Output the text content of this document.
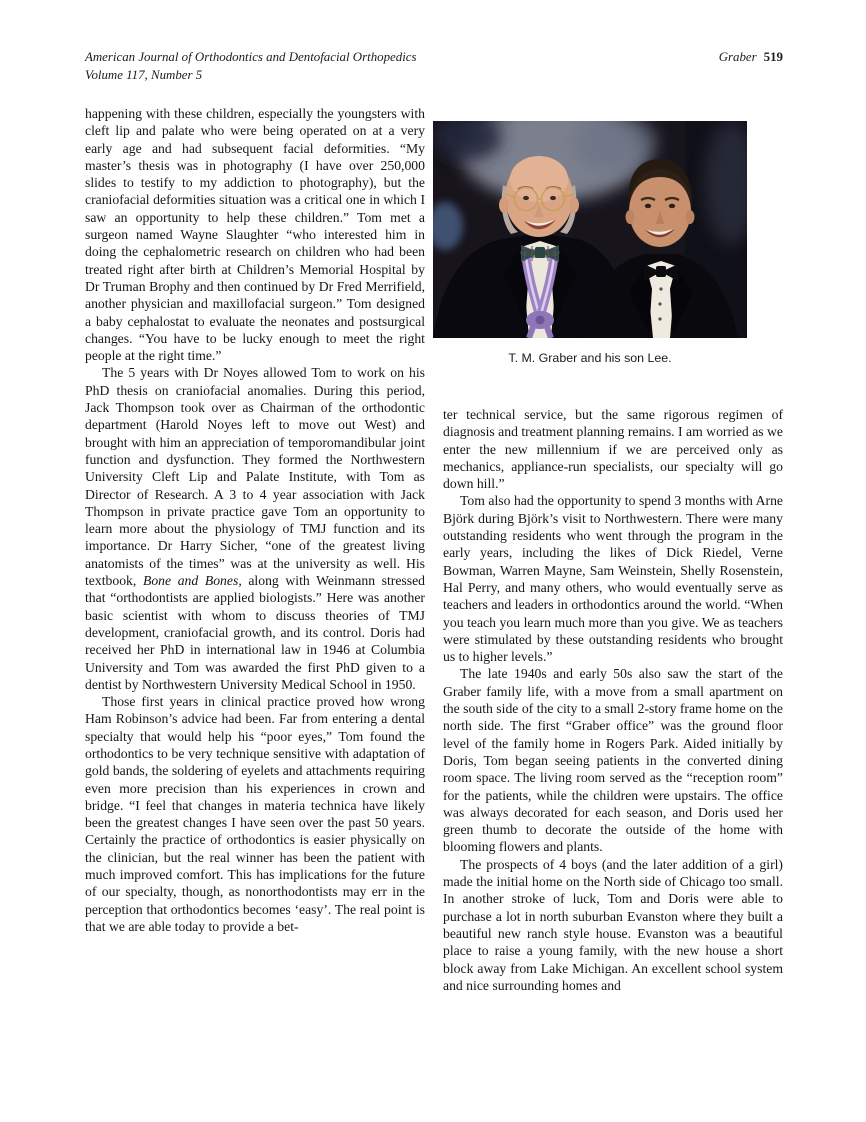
American Journal of Orthodontics and Dentofacial Orthopedics
Volume 117, Number 5
Graber 519
T. M. Graber and his son Lee.

happening with these children, especially the youngsters with cleft lip and palate who were being operated on at a very early age and had subsequent facial deformities. “My master’s thesis was in photography (I have over 250,000 slides to testify to my addiction to photography), but the craniofacial deformities situation was a critical one in which I saw an opportunity to help these children.” Tom met a surgeon named Wayne Slaughter “who interested him in doing the cephalometric research on children who had been treated right after birth at Children’s Memorial Hospital by Dr Truman Brophy and then continued by Dr Fred Merrifield, another physician and maxillofacial surgeon.” Tom designed a baby cephalostat to evaluate the neonates and postsurgical changes. “You have to be lucky enough to meet the right people at the right time.”

The 5 years with Dr Noyes allowed Tom to work on his PhD thesis on craniofacial anomalies. During this period, Jack Thompson took over as Chairman of the orthodontic department (Harold Noyes left to move out West) and brought with him an appreciation of temporomandibular joint function and dysfunction. They formed the Northwestern University Cleft Lip and Palate Institute, with Tom as Director of Research. A 3 to 4 year association with Jack Thompson in private practice gave Tom an opportunity to learn more about the physiology of TMJ function and its importance. Dr Harry Sicher, “one of the greatest living anatomists of the times” was at the university as well. His textbook, Bone and Bones, along with Weinmann stressed that “orthodontists are applied biologists.” Here was another basic scientist with whom to discuss theories of TMJ development, craniofacial growth, and its control. Doris had received her PhD in international law in 1946 at Columbia University and Tom was awarded the first PhD given to a dentist by Northwestern University Medical School in 1950.

Those first years in clinical practice proved how wrong Ham Robinson’s advice had been. Far from entering a dental specialty that would help his “poor eyes,” Tom found the orthodontics to be very technique sensitive with adaptation of gold bands, the soldering of eyelets and attachments requiring even more precision than his experiences in crown and bridge. “I feel that changes in materia technica have likely been the greatest changes I have seen over the past 50 years. Certainly the practice of orthodontics is easier physically on the clinician, but the real winner has been the patient with much improved comfort. This has implications for the future of our specialty, though, as nonorthodontists may err in the perception that orthodontics becomes ‘easy’. The real point is that we are able today to provide a bet-

ter technical service, but the same rigorous regimen of diagnosis and treatment planning remains. I am worried as we enter the new millennium if we are perceived only as mechanics, appliance-run specialists, our specialty will go down hill.”

Tom also had the opportunity to spend 3 months with Arne Björk during Björk’s visit to Northwestern. There were many outstanding residents who went through the program in the early years, including the likes of Dick Riedel, Verne Bowman, Warren Mayne, Sam Weinstein, Shelly Rosenstein, Hal Perry, and many others, who would eventually serve as teachers and leaders in orthodontics around the world. “When you teach you learn much more than you give. We as teachers were stimulated by these outstanding residents who brought us to higher levels.”

The late 1940s and early 50s also saw the start of the Graber family life, with a move from a small apartment on the south side of the city to a small 2-story frame home on the north side. The first “Graber office” was the ground floor level of the family home in Rogers Park. Aided initially by Doris, Tom began seeing patients in the converted dining room space. The living room served as the “reception room” for the patients, while the children were upstairs. The office was always decorated for each season, and Doris used her green thumb to decorate the outside of the home with blooming flowers and plants.

The prospects of 4 boys (and the later addition of a girl) made the initial home on the North side of Chicago too small. In another stroke of luck, Tom and Doris were able to purchase a lot in north suburban Evanston where they built a beautiful new ranch style house. Evanston was a beautiful place to raise a young family, with the new house a short block away from Lake Michigan. An excellent school system and nice surrounding homes and
